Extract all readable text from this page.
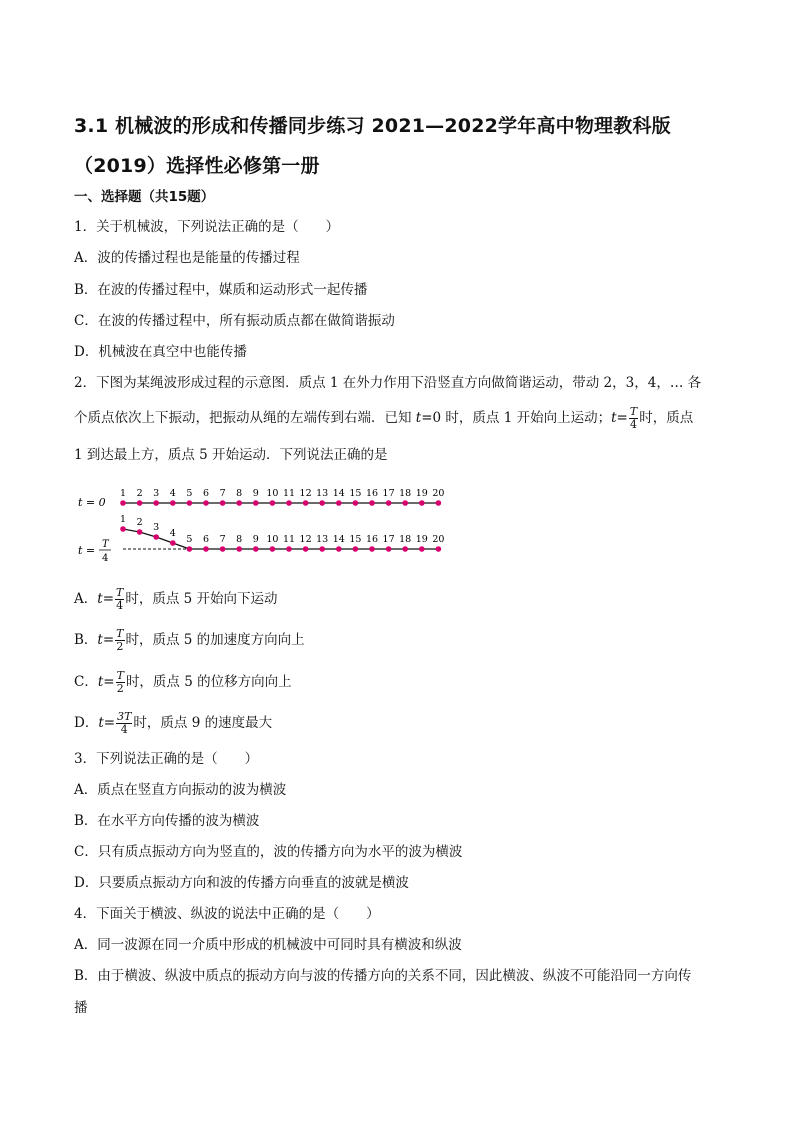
3.1 机械波的形成和传播同步练习 2021—2022学年高中物理教科版

（2019）选择性必修第一册
一、选择题（共15题）
1．关于机械波，下列说法正确的是（　　）
A．波的传播过程也是能量的传播过程
B．在波的传播过程中，媒质和运动形式一起传播
C．在波的传播过程中，所有振动质点都在做简谐振动
D．机械波在真空中也能传播
2．下图为某绳波形成过程的示意图．质点 1 在外力作用下沿竖直方向做简谐运动，带动 2，3，4，… 各
个质点依次上下振动，把振动从绳的左端传到右端．已知 t=0 时，质点 1 开始向上运动；$t= \frac{T}{4}$ 时，质点
1 到达最上方，质点 5 开始运动．下列说法正确的是
t = 0
t = T
4
1 2 3 4 5 6 7 8 9 10 11 12 13 14 15 16 17 18 19 20
1 2 3
4
5 6 7 8 9 10 11 12 13 14 15 16 17 18 19 20
A．$t= \frac{T}{4}$ 时，质点 5 开始向下运动
B．$t= \frac{T}{2}$ 时，质点 5 的加速度方向向上
C．$t= \frac{T}{2}$ 时，质点 5 的位移方向向上
D．$t= \frac{3T}{4}$ 时，质点 9 的速度最大
3．下列说法正确的是（　　）
A．质点在竖直方向振动的波为横波
B．在水平方向传播的波为横波
C．只有质点振动方向为竖直的，波的传播方向为水平的波为横波
D．只要质点振动方向和波的传播方向垂直的波就是横波
4．下面关于横波、纵波的说法中正确的是（　　）
A．同一波源在同一介质中形成的机械波中可同时具有横波和纵波
B．由于横波、纵波中质点的振动方向与波的传播方向的关系不同，因此横波、纵波不可能沿同一方向传
播
